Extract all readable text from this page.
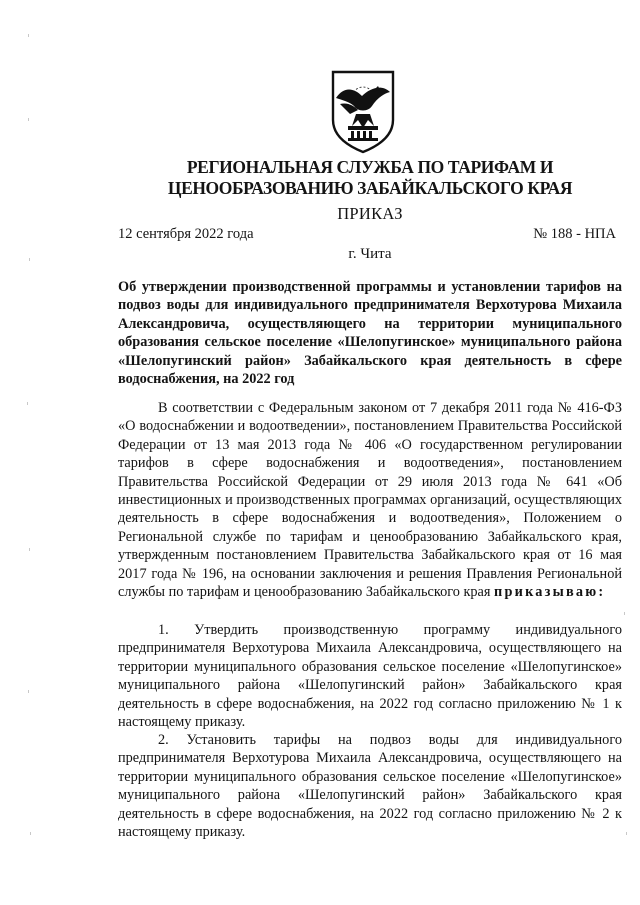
РЕГИОНАЛЬНАЯ СЛУЖБА ПО ТАРИФАМ И
ЦЕНООБРАЗОВАНИЮ ЗАБАЙКАЛЬСКОГО КРАЯ
ПРИКАЗ
12 сентября 2022 года	№ 188 - НПА
г. Чита
Об утверждении производственной программы и установлении тарифов на подвоз воды для индивидуального предпринимателя Верхотурова Михаила Александровича, осуществляющего на территории муниципального образования сельское поселение «Шелопугинское» муниципального района «Шелопугинский район» Забайкальского края деятельность в сфере водоснабжения, на 2022 год
В соответствии с Федеральным законом от 7 декабря 2011 года № 416-ФЗ «О водоснабжении и водоотведении», постановлением Правительства Российской Федерации от 13 мая 2013 года № 406 «О государственном регулировании тарифов в сфере водоснабжения и водоотведения», постановлением Правительства Российской Федерации от 29 июля 2013 года № 641 «Об инвестиционных и производственных программах организаций, осуществляющих деятельность в сфере водоснабжения и водоотведения», Положением о Региональной службе по тарифам и ценообразованию Забайкальского края, утвержденным постановлением Правительства Забайкальского края от 16 мая 2017 года № 196, на основании заключения и решения Правления Региональной службы по тарифам и ценообразованию Забайкальского края приказываю:
1. Утвердить производственную программу индивидуального предпринимателя Верхотурова Михаила Александровича, осуществляющего на территории муниципального образования сельское поселение «Шелопугинское» муниципального района «Шелопугинский район» Забайкальского края деятельность в сфере водоснабжения, на 2022 год согласно приложению № 1 к настоящему приказу.
2. Установить тарифы на подвоз воды для индивидуального предпринимателя Верхотурова Михаила Александровича, осуществляющего на территории муниципального образования сельское поселение «Шелопугинское» муниципального района «Шелопугинский район» Забайкальского края деятельность в сфере водоснабжения, на 2022 год согласно приложению № 2 к настоящему приказу.
